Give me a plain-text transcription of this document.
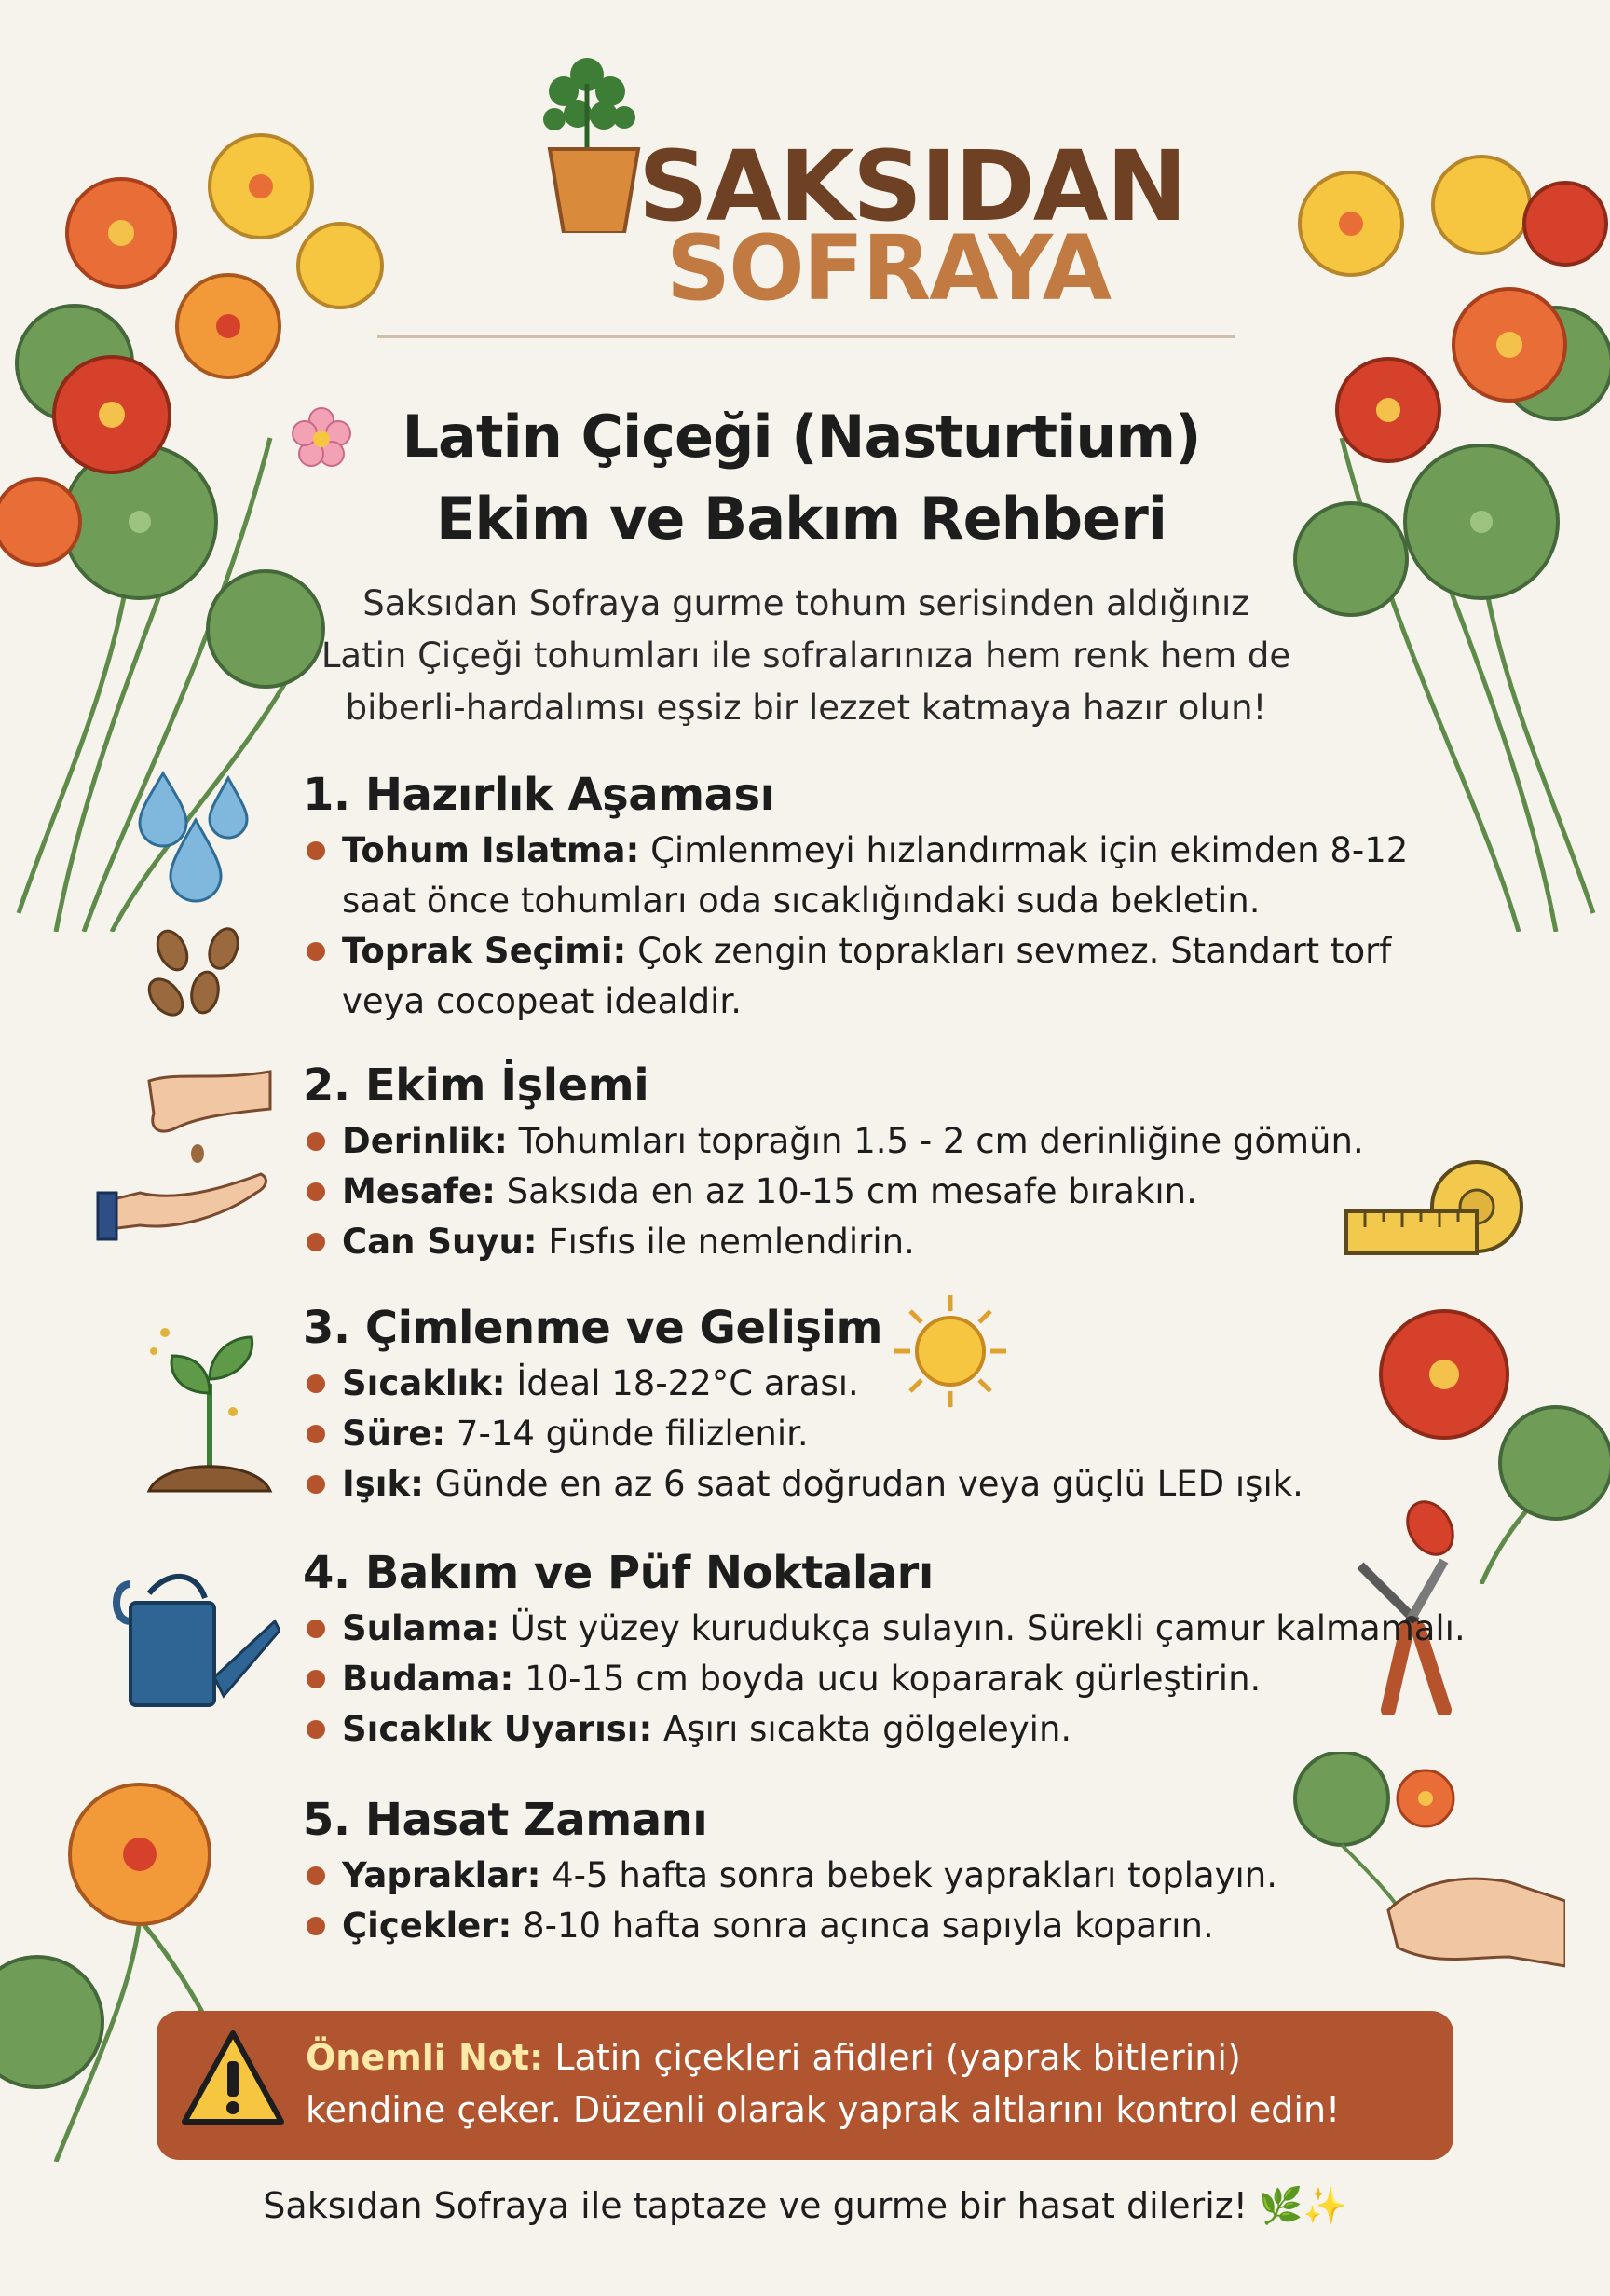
SAKSIDAN
SOFRAYA
Latin Çiçeği (Nasturtium)
Ekim ve Bakım Rehberi
Saksıdan Sofraya gurme tohum serisinden aldığınız
Latin Çiçeği tohumları ile sofralarınıza hem renk hem de
biberli-hardalımsı eşsiz bir lezzet katmaya hazır olun!
1. Hazırlık Aşaması
Tohum Islatma: Çimlenmeyi hızlandırmak için ekimden 8-12
saat önce tohumları oda sıcaklığındaki suda bekletin.
Toprak Seçimi: Çok zengin toprakları sevmez. Standart torf
veya cocopeat idealdir.
2. Ekim İşlemi
Derinlik: Tohumları toprağın 1.5 - 2 cm derinliğine gömün.
Mesafe: Saksıda en az 10-15 cm mesafe bırakın.
Can Suyu: Fısfıs ile nemlendirin.
3. Çimlenme ve Gelişim
Sıcaklık: İdeal 18-22°C arası.
Süre: 7-14 günde filizlenir.
Işık: Günde en az 6 saat doğrudan veya güçlü LED ışık.
4. Bakım ve Püf Noktaları
Sulama: Üst yüzey kurudukça sulayın. Sürekli çamur kalmamalı.
Budama: 10-15 cm boyda ucu kopararak gürleştirin.
Sıcaklık Uyarısı: Aşırı sıcakta gölgeleyin.
5. Hasat Zamanı
Yapraklar: 4-5 hafta sonra bebek yaprakları toplayın.
Çiçekler: 8-10 hafta sonra açınca sapıyla koparın.
Önemli Not: Latin çiçekleri afidleri (yaprak bitlerini)
kendine çeker. Düzenli olarak yaprak altlarını kontrol edin!
Saksıdan Sofraya ile taptaze ve gurme bir hasat dileriz! 🌿✨
